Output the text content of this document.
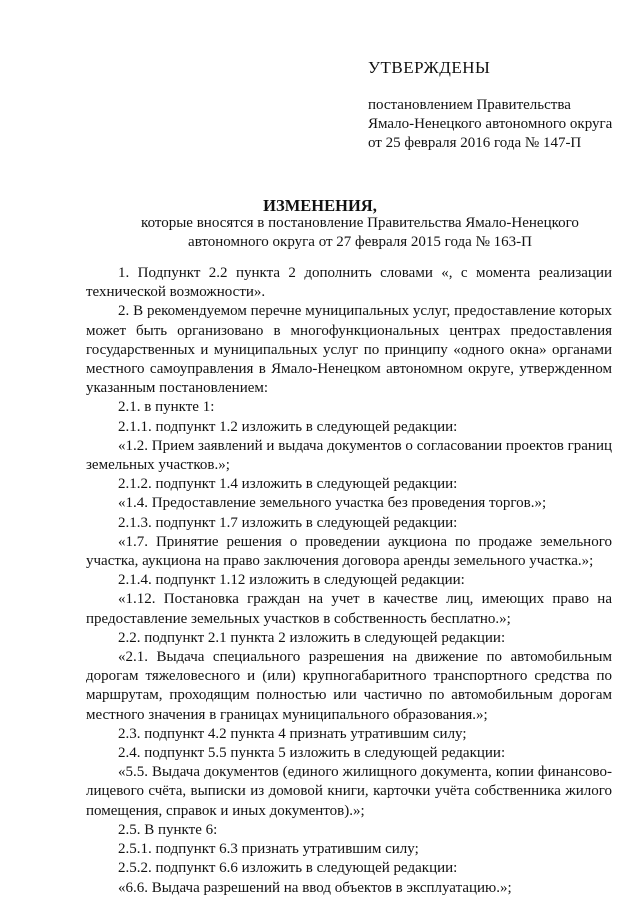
УТВЕРЖДЕНЫ
постановлением Правительства
Ямало-Ненецкого автономного округа
от 25 февраля 2016 года № 147-П
ИЗМЕНЕНИЯ,
которые вносятся в постановление Правительства Ямало-Ненецкого
автономного округа от 27 февраля 2015 года № 163-П

1. Подпункт 2.2 пункта 2 дополнить словами «, с момента реализации технической возможности».

2. В рекомендуемом перечне муниципальных услуг, предоставление которых может быть организовано в многофункциональных центрах предоставления государственных и муниципальных услуг по принципу «одного окна» органами местного самоуправления в Ямало-Ненецком автономном округе, утвержденном указанным постановлением:

2.1. в пункте 1:

2.1.1. подпункт 1.2 изложить в следующей редакции:

«1.2. Прием заявлений и выдача документов о согласовании проектов границ земельных участков.»;

2.1.2. подпункт 1.4 изложить в следующей редакции:

«1.4. Предоставление земельного участка без проведения торгов.»;

2.1.3. подпункт 1.7 изложить в следующей редакции:

«1.7. Принятие решения о проведении аукциона по продаже земельного участка, аукциона на право заключения договора аренды земельного участка.»;

2.1.4. подпункт 1.12 изложить в следующей редакции:

«1.12. Постановка граждан на учет в качестве лиц, имеющих право на предоставление земельных участков в собственность бесплатно.»;

2.2. подпункт 2.1 пункта 2 изложить в следующей редакции:

«2.1. Выдача специального разрешения на движение по автомобильным дорогам тяжеловесного и (или) крупногабаритного транспортного средства по маршрутам, проходящим полностью или частично по автомобильным дорогам местного значения в границах муниципального образования.»;

2.3. подпункт 4.2 пункта 4 признать утратившим силу;

2.4. подпункт 5.5 пункта 5 изложить в следующей редакции:

«5.5. Выдача документов (единого жилищного документа, копии финансово-лицевого счёта, выписки из домовой книги, карточки учёта собственника жилого помещения, справок и иных документов).»;

2.5. В пункте 6:

2.5.1. подпункт 6.3 признать утратившим силу;

2.5.2. подпункт 6.6 изложить в следующей редакции:

«6.6. Выдача разрешений на ввод объектов в эксплуатацию.»;
